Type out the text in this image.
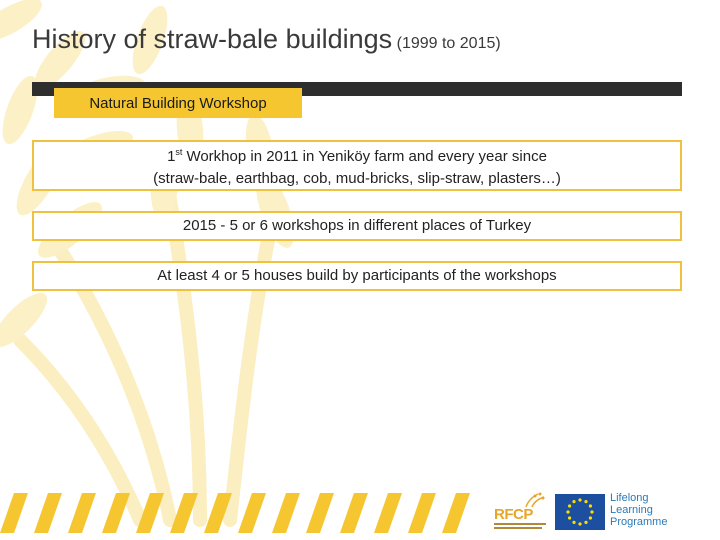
History of straw-bale buildings (1999 to 2015)
Natural Building Workshop
1st Workhop in 2011 in Yeniköy farm and every year since
(straw-bale, earthbag, cob, mud-bricks, slip-straw, plasters…)
2015 - 5 or 6 workshops in different places of Turkey
At least 4 or 5 houses build by participants of the workshops
RFCP
Lifelong
Learning
Programme
